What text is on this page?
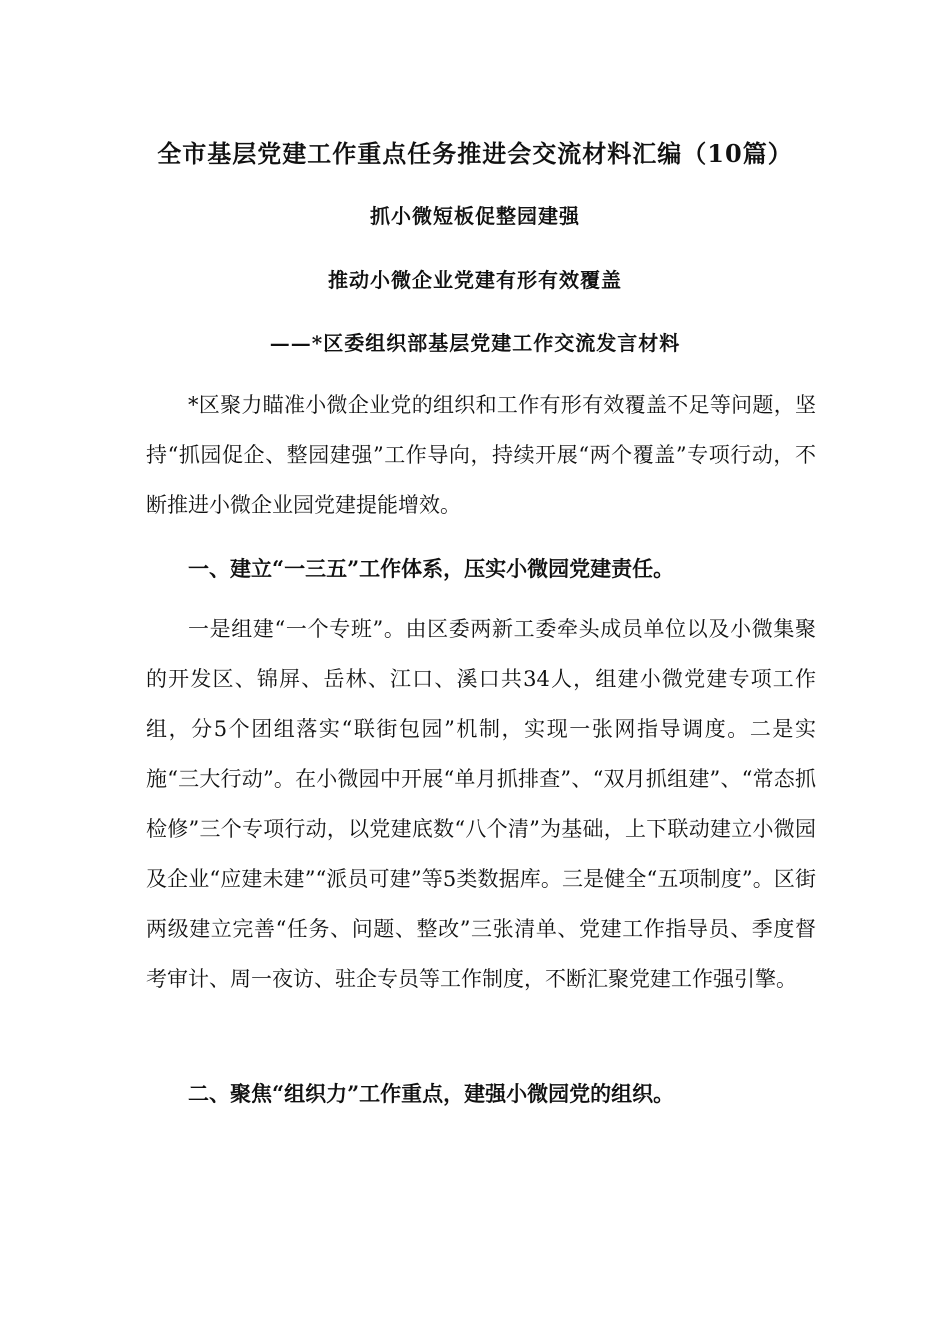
全市基层党建工作重点任务推进会交流材料汇编（10篇）
抓小微短板促整园建强
推动小微企业党建有形有效覆盖
——*区委组织部基层党建工作交流发言材料

*区聚力瞄准小微企业党的组织和工作有形有效覆盖不足等问题，坚持“抓园促企、整园建强”工作导向，持续开展“两个覆盖”专项行动，不断推进小微企业园党建提能增效。

一、建立“一三五”工作体系，压实小微园党建责任。

一是组建“一个专班”。由区委两新工委牵头成员单位以及小微集聚的开发区、锦屏、岳林、江口、溪口共34人，组建小微党建专项工作组，分5个团组落实“联街包园”机制，实现一张网指导调度。二是实施“三大行动”。在小微园中开展“单月抓排查”、“双月抓组建”、“常态抓检修”三个专项行动，以党建底数“八个清”为基础，上下联动建立小微园及企业“应建未建”“派员可建”等5类数据库。三是健全“五项制度”。区街两级建立完善“任务、问题、整改”三张清单、党建工作指导员、季度督考审计、周一夜访、驻企专员等工作制度，不断汇聚党建工作强引擎。

二、聚焦“组织力”工作重点，建强小微园党的组织。
